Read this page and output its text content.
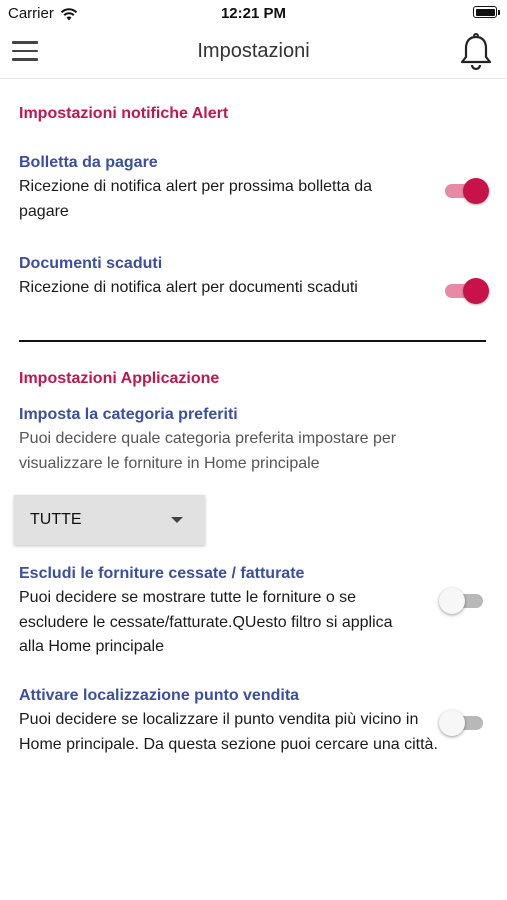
Carrier	12:21 PM
Impostazioni
Impostazioni notifiche Alert
Bolletta da pagare
Ricezione di notifica alert per prossima bolletta da pagare
Documenti scaduti
Ricezione di notifica alert per documenti scaduti
Impostazioni Applicazione
Imposta la categoria preferiti
Puoi decidere quale categoria preferita impostare per visualizzare le forniture in Home principale
TUTTE
Escludi le forniture cessate / fatturate
Puoi decidere se mostrare tutte le forniture o se escludere le cessate/fatturate.QUesto filtro si applica alla Home principale
Attivare localizzazione punto vendita
Puoi decidere se localizzare il punto vendita più vicino in Home principale. Da questa sezione puoi cercare una città.
